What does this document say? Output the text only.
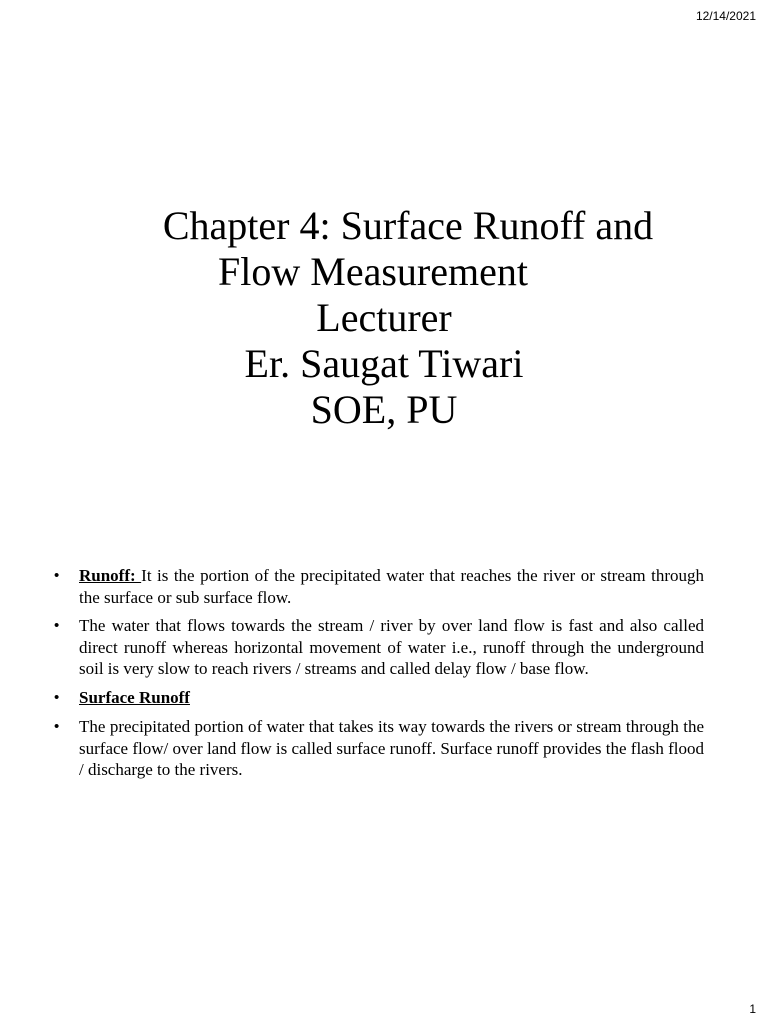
12/14/2021
Chapter 4: Surface Runoff and
Flow Measurement
Lecturer
Er. Saugat Tiwari
SOE, PU
• Runoff: It is the portion of the precipitated water that reaches the river or stream through the surface or sub surface flow.
• The water that flows towards the stream / river by over land flow is fast and also called direct runoff whereas horizontal movement of water i.e., runoff through the underground soil is very slow to reach rivers / streams and called delay flow / base flow.
• Surface Runoff
• The precipitated portion of water that takes its way towards the rivers or stream through the surface flow/ over land flow is called surface runoff. Surface runoff provides the flash flood / discharge to the rivers.
1
